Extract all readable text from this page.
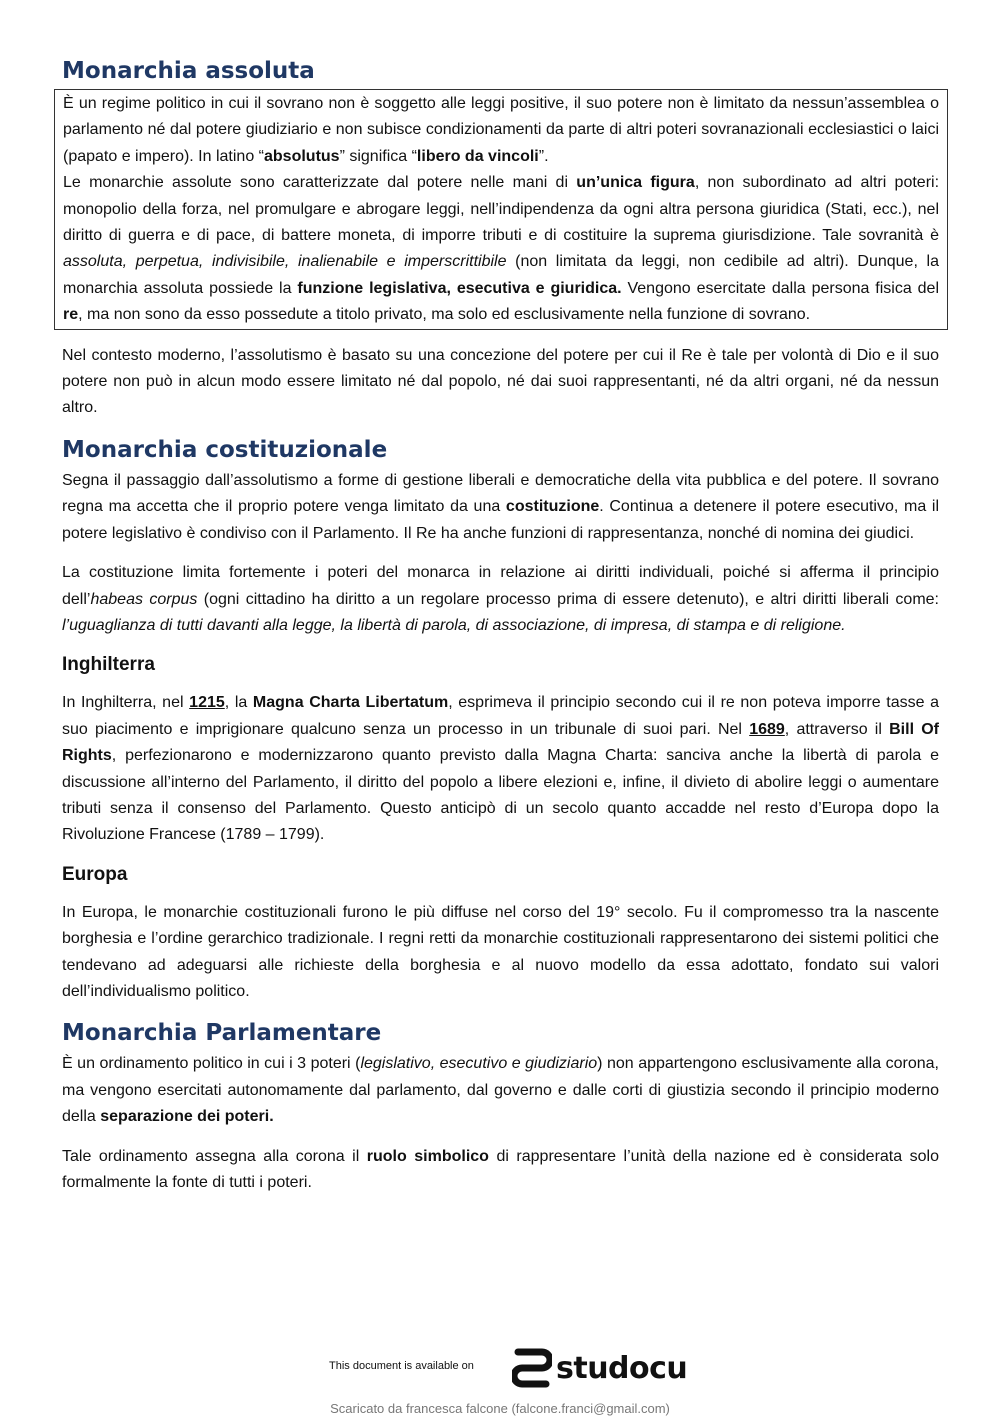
Monarchia assoluta

È un regime politico in cui il sovrano non è soggetto alle leggi positive, il suo potere non è limitato da nessun’assemblea o parlamento né dal potere giudiziario e non subisce condizionamenti da parte di altri poteri sovranazionali ecclesiastici o laici (papato e impero). In latino “absolutus” significa “libero da vincoli”.

Le monarchie assolute sono caratterizzate dal potere nelle mani di un’unica figura, non subordinato ad altri poteri: monopolio della forza, nel promulgare e abrogare leggi, nell’indipendenza da ogni altra persona giuridica (Stati, ecc.), nel diritto di guerra e di pace, di battere moneta, di imporre tributi e di costituire la suprema giurisdizione. Tale sovranità è assoluta, perpetua, indivisibile, inalienabile e imperscrittibile (non limitata da leggi, non cedibile ad altri). Dunque, la monarchia assoluta possiede la funzione legislativa, esecutiva e giuridica. Vengono esercitate dalla persona fisica del re, ma non sono da esso possedute a titolo privato, ma solo ed esclusivamente nella funzione di sovrano.

Nel contesto moderno, l’assolutismo è basato su una concezione del potere per cui il Re è tale per volontà di Dio e il suo potere non può in alcun modo essere limitato né dal popolo, né dai suoi rappresentanti, né da altri organi, né da nessun altro.

Monarchia costituzionale

Segna il passaggio dall’assolutismo a forme di gestione liberali e democratiche della vita pubblica e del potere. Il sovrano regna ma accetta che il proprio potere venga limitato da una costituzione. Continua a detenere il potere esecutivo, ma il potere legislativo è condiviso con il Parlamento. Il Re ha anche funzioni di rappresentanza, nonché di nomina dei giudici.

La costituzione limita fortemente i poteri del monarca in relazione ai diritti individuali, poiché si afferma il principio dell’habeas corpus (ogni cittadino ha diritto a un regolare processo prima di essere detenuto), e altri diritti liberali come: l’uguaglianza di tutti davanti alla legge, la libertà di parola, di associazione, di impresa, di stampa e di religione.

Inghilterra

In Inghilterra, nel 1215, la Magna Charta Libertatum, esprimeva il principio secondo cui il re non poteva imporre tasse a suo piacimento e imprigionare qualcuno senza un processo in un tribunale di suoi pari. Nel 1689, attraverso il Bill Of Rights, perfezionarono e modernizzarono quanto previsto dalla Magna Charta: sanciva anche la libertà di parola e discussione all’interno del Parlamento, il diritto del popolo a libere elezioni e, infine, il divieto di abolire leggi o aumentare tributi senza il consenso del Parlamento. Questo anticipò di un secolo quanto accadde nel resto d’Europa dopo la Rivoluzione Francese (1789 – 1799).

Europa

In Europa, le monarchie costituzionali furono le più diffuse nel corso del 19° secolo. Fu il compromesso tra la nascente borghesia e l’ordine gerarchico tradizionale. I regni retti da monarchie costituzionali rappresentarono dei sistemi politici che tendevano ad adeguarsi alle richieste della borghesia e al nuovo modello da essa adottato, fondato sui valori dell’individualismo politico.

Monarchia Parlamentare

È un ordinamento politico in cui i 3 poteri (legislativo, esecutivo e giudiziario) non appartengono esclusivamente alla corona, ma vengono esercitati autonomamente dal parlamento, dal governo e dalle corti di giustizia secondo il principio moderno della separazione dei poteri.

Tale ordinamento assegna alla corona il ruolo simbolico di rappresentare l’unità della nazione ed è considerata solo formalmente la fonte di tutti i poteri.

This document is available on	studocu
Scaricato da francesca falcone (falcone.franci@gmail.com)
